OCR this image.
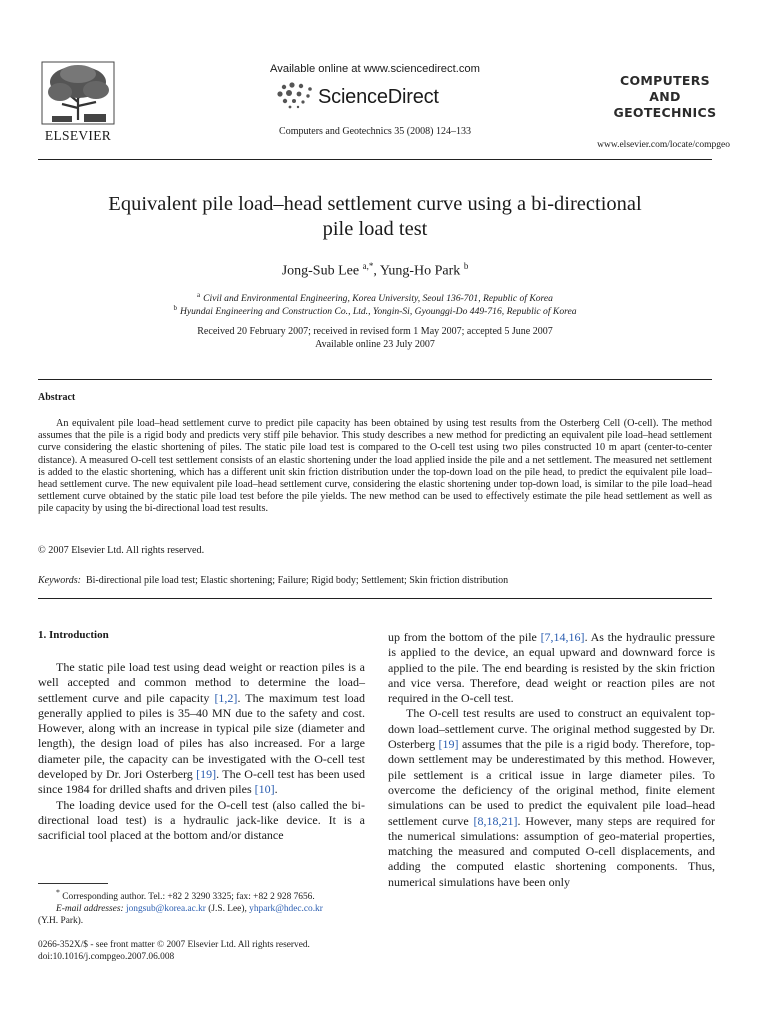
ELSEVIER
Available online at www.sciencedirect.com
ScienceDirect
Computers and Geotechnics 35 (2008) 124–133
COMPUTERS
AND
GEOTECHNICS
www.elsevier.com/locate/compgeo
Equivalent pile load–head settlement curve using a bi-directional
pile load test
Jong-Sub Lee $^{a,*}$, Yung-Ho Park $^b$
$^a$ Civil and Environmental Engineering, Korea University, Seoul 136-701, Republic of Korea
$^b$ Hyundai Engineering and Construction Co., Ltd., Yongin-Si, Gyounggi-Do 449-716, Republic of Korea
Received 20 February 2007; received in revised form 1 May 2007; accepted 5 June 2007
Available online 23 July 2007
Abstract
An equivalent pile load–head settlement curve to predict pile capacity has been obtained by using test results from the Osterberg Cell (O-cell). The method assumes that the pile is a rigid body and predicts very stiff pile behavior. This study describes a new method for predicting an equivalent pile load–head settlement curve considering the elastic shortening of piles. The static pile load test is compared to the O-cell test using two piles constructed 10 m apart (center-to-center distance). A measured O-cell test settlement consists of an elastic shortening under the load applied inside the pile and a net settlement. The measured net settlement is added to the elastic shortening, which has a different unit skin friction distribution under the top-down load on the pile head, to predict the equivalent pile load–head settlement curve. The new equivalent pile load–head settlement curve, considering the elastic shortening under top-down load, is similar to the pile load–head settlement curve obtained by the static pile load test before the pile yields. The new method can be used to effectively estimate the pile head settlement as well as pile capacity by using the bi-directional load test results.
© 2007 Elsevier Ltd. All rights reserved.
Keywords: Bi-directional pile load test; Elastic shortening; Failure; Rigid body; Settlement; Skin friction distribution
1. Introduction

The static pile load test using dead weight or reaction piles is a well accepted and common method to determine the load–settlement curve and pile capacity [1,2]. The maximum test load generally applied to piles is 35–40 MN due to the safety and cost. However, along with an increase in typical pile size (diameter and length), the design load of piles has also increased. For a large diameter pile, the capacity can be investigated with the O-cell test developed by Dr. Jori Osterberg [19]. The O-cell test has been used since 1984 for drilled shafts and driven piles [10].

The loading device used for the O-cell test (also called the bi-directional load test) is a hydraulic jack-like device. It is a sacrificial tool placed at the bottom and/or distance

up from the bottom of the pile [7,14,16]. As the hydraulic pressure is applied to the device, an equal upward and downward force is applied to the pile. The end bearding is resisted by the skin friction and vice versa. Therefore, dead weight or reaction piles are not required in the O-cell test.

The O-cell test results are used to construct an equivalent top-down load–settlement curve. The original method suggested by Dr. Osterberg [19] assumes that the pile is a rigid body. Therefore, top-down settlement may be underestimated by this method. However, pile settlement is a critical issue in large diameter piles. To overcome the deficiency of the original method, finite element simulations can be used to predict the equivalent pile load–head settlement curve [8,18,21]. However, many steps are required for the numerical simulations: assumption of geo-material properties, matching the measured and computed O-cell displacements, and adding the computed elastic shortening components. Thus, numerical simulations have been only

* Corresponding author. Tel.: +82 2 3290 3325; fax: +82 2 928 7656.
E-mail addresses: jongsub@korea.ac.kr (J.S. Lee), yhpark@hdec.co.kr
(Y.H. Park).
0266-352X/$ - see front matter © 2007 Elsevier Ltd. All rights reserved.
doi:10.1016/j.compgeo.2007.06.008
